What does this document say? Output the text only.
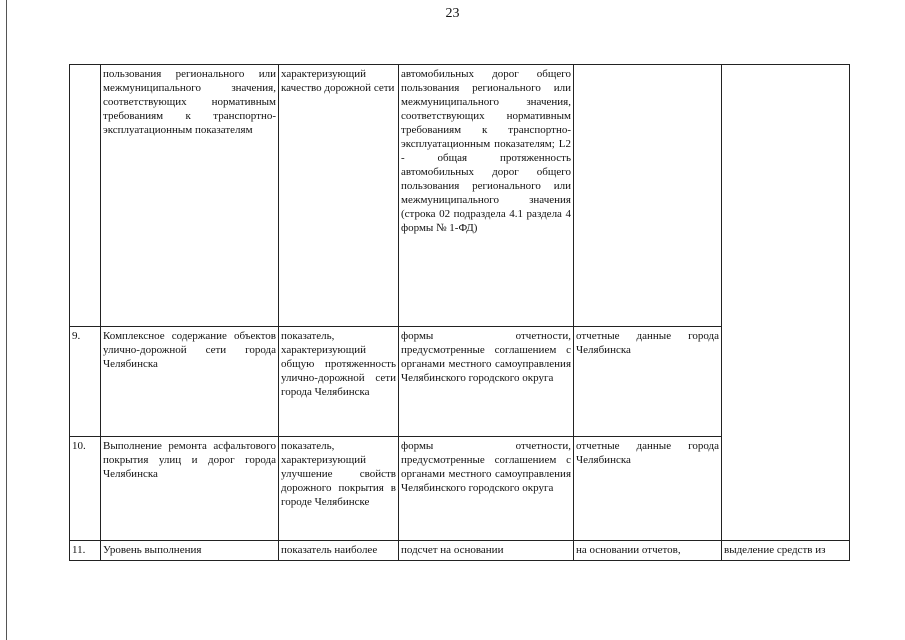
23
	пользования регионального или межмуниципального значения, соответствующих нормативным требованиям к транспортно-эксплуатационным показателям	характеризующий качество дорожной сети	автомобильных дорог общего пользования регионального или межмуниципального значения, соответствующих нормативным требованиям к транспортно-эксплуатационным показателям; L2 - общая протяженность автомобильных дорог общего пользования регионального или межмуниципального значения (строка 02 подраздела 4.1 раздела 4 формы № 1-ФД)		
9.	Комплексное содержание объектов улично-дорожной сети города Челябинска	показатель, характеризующий общую протяженность улично-дорожной сети города Челябинска	формы отчетности, предусмотренные соглашением с органами местного самоуправления Челябинского городского округа	отчетные данные города Челябинска	
10.	Выполнение ремонта асфальтового покрытия улиц и дорог города Челябинска	показатель, характеризующий улучшение свойств дорожного покрытия в городе Челябинске	формы отчетности, предусмотренные соглашением с органами местного самоуправления Челябинского городского округа	отчетные данные города Челябинска	
11.	Уровень выполнения	показатель наиболее	подсчет на основании	на основании отчетов,	выделение средств из
